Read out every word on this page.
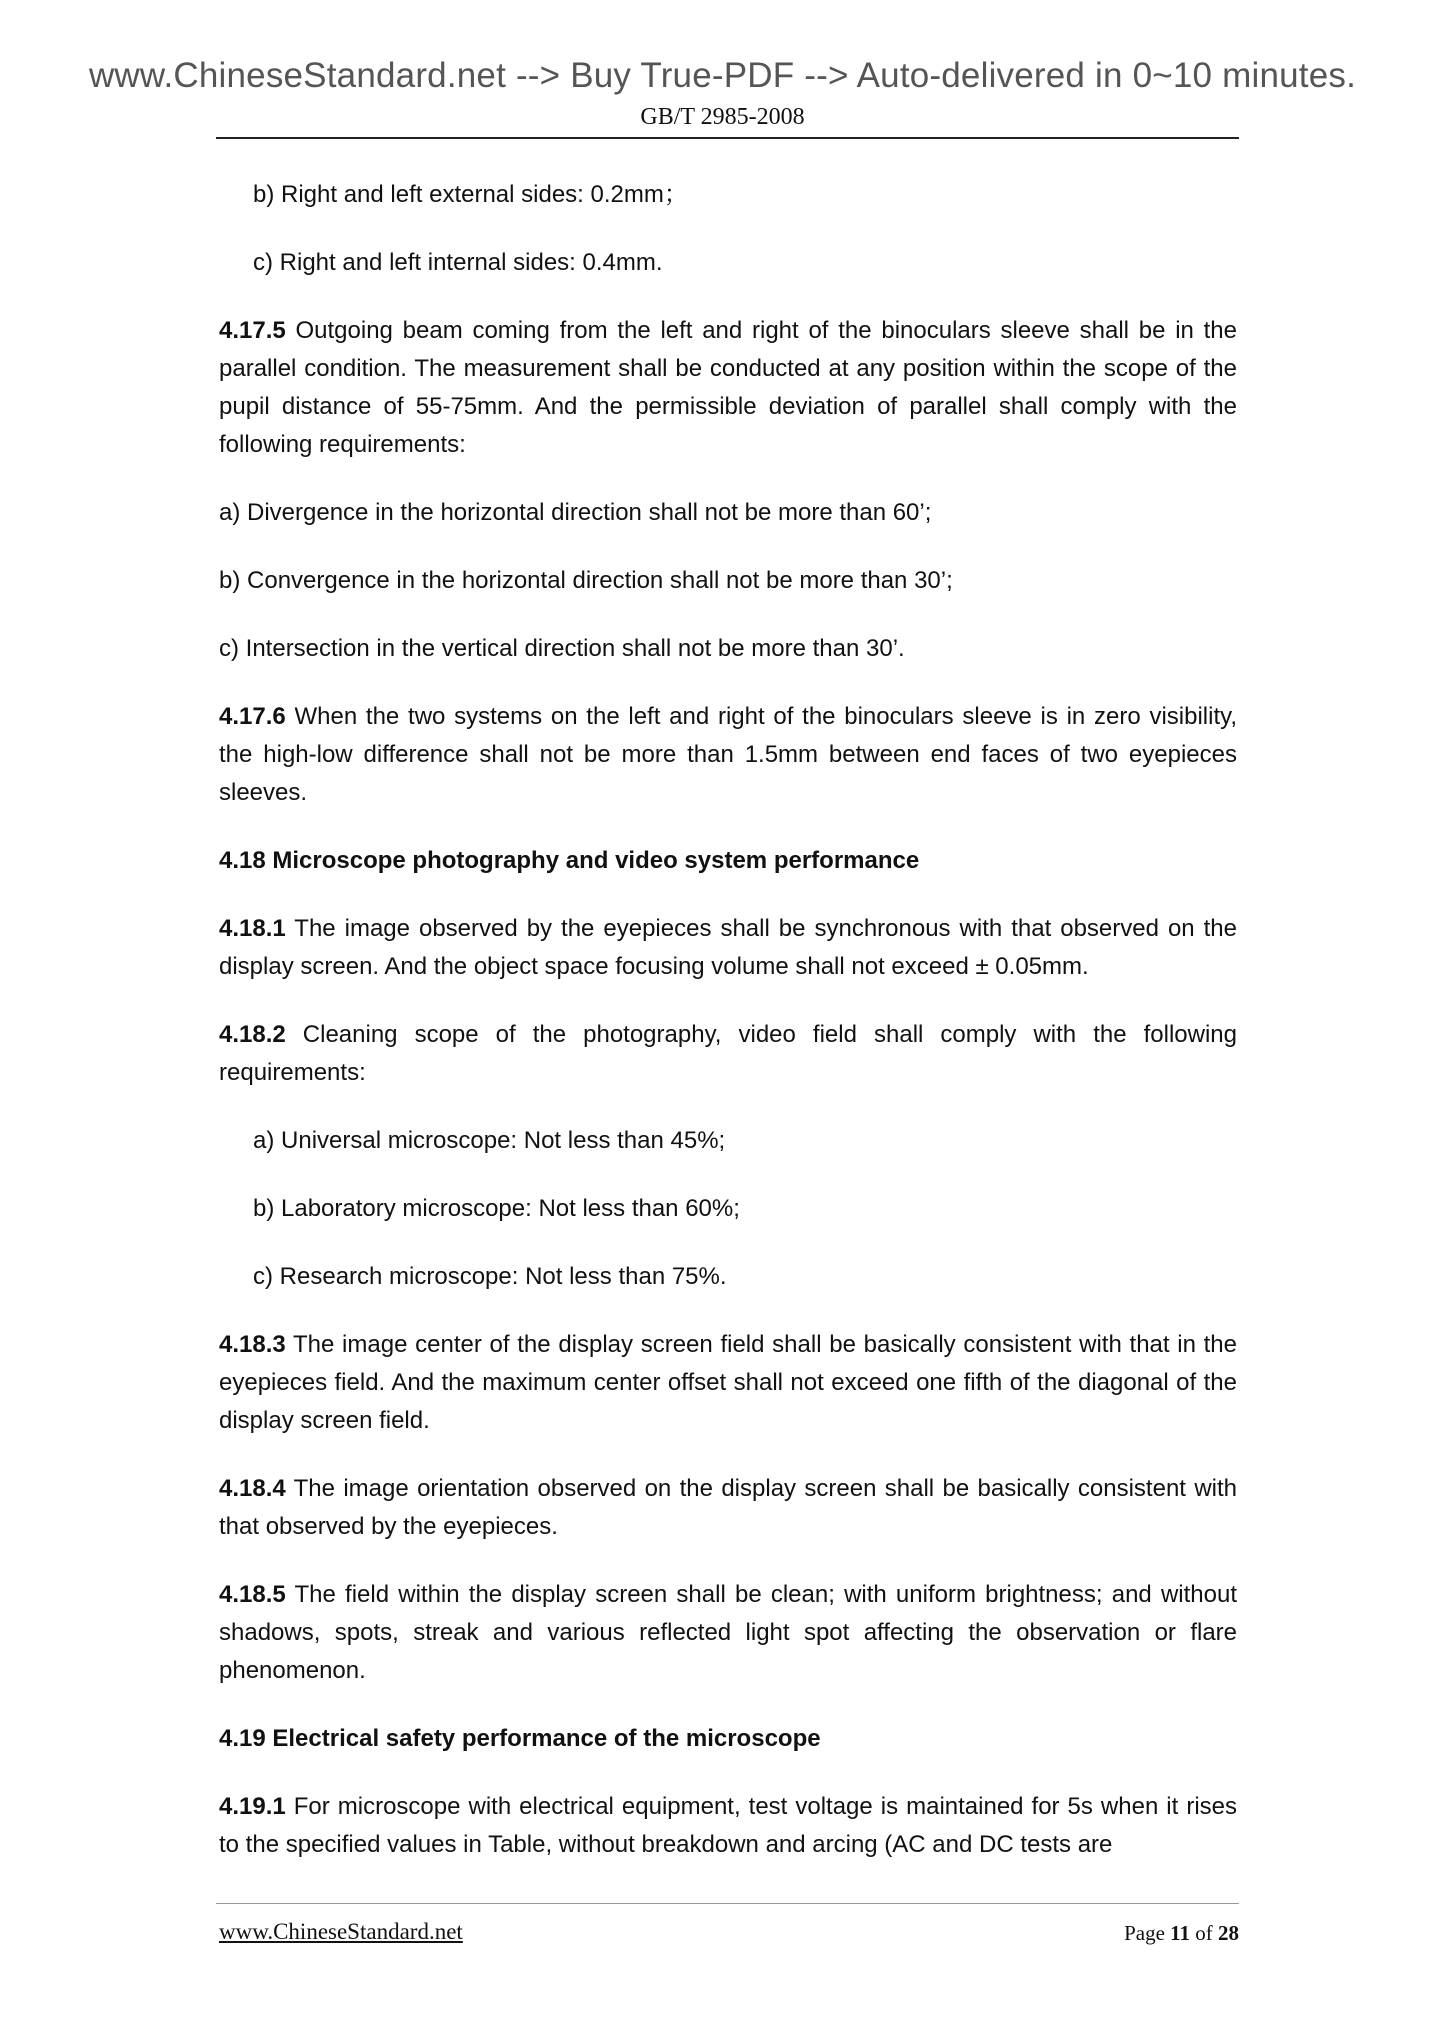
www.ChineseStandard.net --> Buy True-PDF --> Auto-delivered in 0~10 minutes.
GB/T 2985-2008

b) Right and left external sides: 0.2mm；

c) Right and left internal sides: 0.4mm.

4.17.5 Outgoing beam coming from the left and right of the binoculars sleeve shall be in the parallel condition. The measurement shall be conducted at any position within the scope of the pupil distance of 55-75mm. And the permissible deviation of parallel shall comply with the following requirements:

a) Divergence in the horizontal direction shall not be more than 60’;

b) Convergence in the horizontal direction shall not be more than 30’;

c) Intersection in the vertical direction shall not be more than 30’.

4.17.6 When the two systems on the left and right of the binoculars sleeve is in zero visibility, the high-low difference shall not be more than 1.5mm between end faces of two eyepieces sleeves.

4.18 Microscope photography and video system performance

4.18.1 The image observed by the eyepieces shall be synchronous with that observed on the display screen. And the object space focusing volume shall not exceed ± 0.05mm.

4.18.2 Cleaning scope of the photography, video field shall comply with the following requirements:

a) Universal microscope: Not less than 45%;

b) Laboratory microscope: Not less than 60%;

c) Research microscope: Not less than 75%.

4.18.3 The image center of the display screen field shall be basically consistent with that in the eyepieces field. And the maximum center offset shall not exceed one fifth of the diagonal of the display screen field.

4.18.4 The image orientation observed on the display screen shall be basically consistent with that observed by the eyepieces.

4.18.5 The field within the display screen shall be clean; with uniform brightness; and without shadows, spots, streak and various reflected light spot affecting the observation or flare phenomenon.

4.19 Electrical safety performance of the microscope

4.19.1 For microscope with electrical equipment, test voltage is maintained for 5s when it rises to the specified values in Table, without breakdown and arcing (AC and DC tests are

www.ChineseStandard.net	Page 11 of 28
